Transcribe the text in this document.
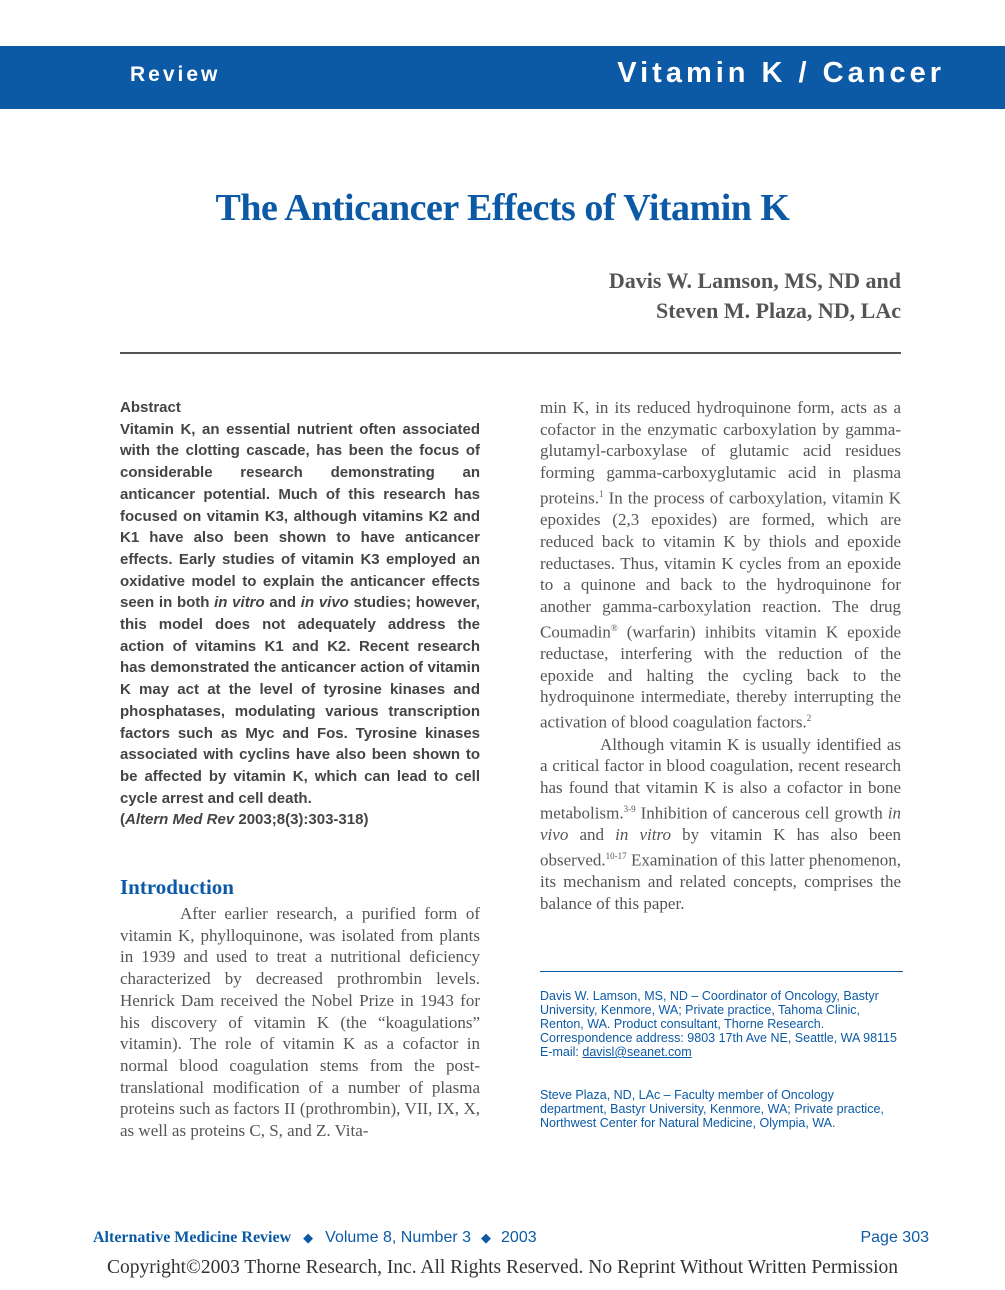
Review	Vitamin K / Cancer
The Anticancer Effects of Vitamin K
Davis W. Lamson, MS, ND and
Steven M. Plaza, ND, LAc
Abstract
Vitamin K, an essential nutrient often associated with the clotting cascade, has been the focus of considerable research demonstrating an anticancer potential. Much of this research has focused on vitamin K3, although vitamins K2 and K1 have also been shown to have anticancer effects. Early studies of vitamin K3 employed an oxidative model to explain the anticancer effects seen in both in vitro and in vivo studies; however, this model does not adequately address the action of vitamins K1 and K2. Recent research has demonstrated the anticancer action of vitamin K may act at the level of tyrosine kinases and phosphatases, modulating various transcription factors such as Myc and Fos. Tyrosine kinases associated with cyclins have also been shown to be affected by vitamin K, which can lead to cell cycle arrest and cell death.
(Altern Med Rev 2003;8(3):303-318)
Introduction

After earlier research, a purified form of vitamin K, phylloquinone, was isolated from plants in 1939 and used to treat a nutritional deficiency characterized by decreased prothrombin levels. Henrick Dam received the Nobel Prize in 1943 for his discovery of vitamin K (the “koagulations” vitamin). The role of vitamin K as a cofactor in normal blood coagulation stems from the post-translational modification of a number of plasma proteins such as factors II (prothrombin), VII, IX, X, as well as proteins C, S, and Z. Vita-

min K, in its reduced hydroquinone form, acts as a cofactor in the enzymatic carboxylation by gamma-glutamyl-carboxylase of glutamic acid residues forming gamma-carboxyglutamic acid in plasma proteins.$^1$ In the process of carboxylation, vitamin K epoxides (2,3 epoxides) are formed, which are reduced back to vitamin K by thiols and epoxide reductases. Thus, vitamin K cycles from an epoxide to a quinone and back to the hydroquinone for another gamma-carboxylation reaction. The drug Coumadin® (warfarin) inhibits vitamin K epoxide reductase, interfering with the reduction of the epoxide and halting the cycling back to the hydroquinone intermediate, thereby interrupting the activation of blood coagulation factors.$^2$

Although vitamin K is usually identified as a critical factor in blood coagulation, recent research has found that vitamin K is also a cofactor in bone metabolism.$^{3-9}$ Inhibition of cancerous cell growth in vivo and in vitro by vitamin K has also been observed.$^{10-17}$ Examination of this latter phenomenon, its mechanism and related concepts, comprises the balance of this paper.

Davis W. Lamson, MS, ND – Coordinator of Oncology, Bastyr University, Kenmore, WA; Private practice, Tahoma Clinic, Renton, WA. Product consultant, Thorne Research. Correspondence address: 9803 17th Ave NE, Seattle, WA 98115
E-mail: davisl@seanet.com
Steve Plaza, ND, LAc – Faculty member of Oncology department, Bastyr University, Kenmore, WA; Private practice, Northwest Center for Natural Medicine, Olympia, WA.
Alternative Medicine Review ◆ Volume 8, Number 3 ◆ 2003	Page 303
Copyright©2003 Thorne Research, Inc. All Rights Reserved. No Reprint Without Written Permission
